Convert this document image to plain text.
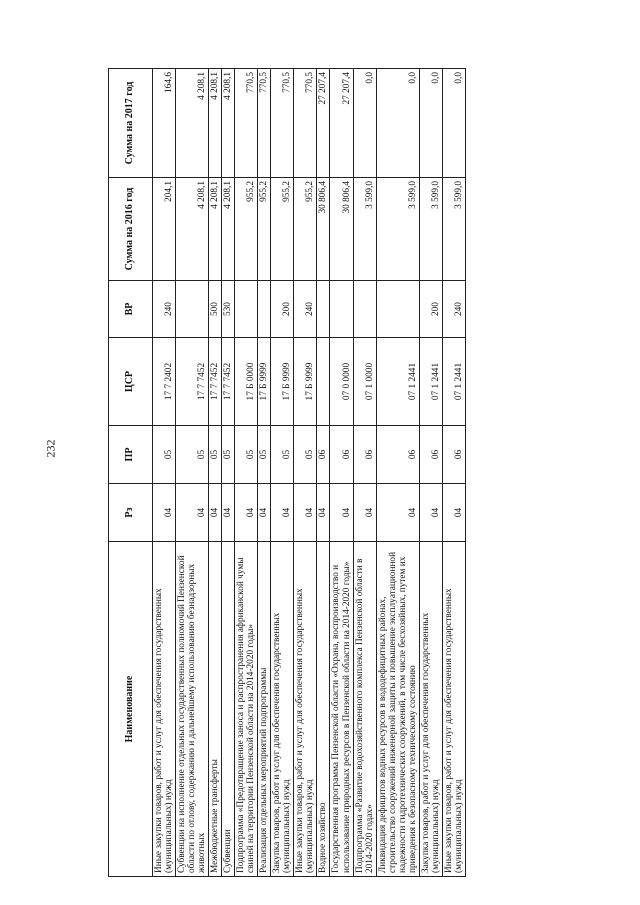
232
Наименование	Рз	ПР	ЦСР	ВР	Сумма на 2016 год	Сумма на 2017 год
Иные закупки товаров, работ и услуг для обеспечения государственных (муниципальных) нужд	04	05	17 7 2402	240	204,1	164,6
Субвенции на исполнение отдельных государственных полномочий Пензенской области по отлову, содержанию и дальнейшему использованию безнадзорных животных	04	05	17 7 7452		4 208,1	4 208,1
Межбюджетные трансферты	04	05	17 7 7452	500	4 208,1	4 208,1
Субвенции	04	05	17 7 7452	530	4 208,1	4 208,1
Подпрограмма «Предотвращение заноса и распространения африканской чумы свиней на территории Пензенской области на 2014-2020 годы»	04	05	17 Б 0000		955,2	770,5
Реализация отдельных мероприятий подпрограммы	04	05	17 Б 9999		955,2	770,5
Закупка товаров, работ и услуг для обеспечения государственных (муниципальных) нужд	04	05	17 Б 9999	200	955,2	770,5
Иные закупки товаров, работ и услуг для обеспечения государственных (муниципальных) нужд	04	05	17 Б 9999	240	955,2	770,5
Водное хозяйство	04	06			30 806,4	27 207,4
Государственная программа Пензенской области «Охрана, воспроизводство и использование природных ресурсов в Пензенской области на 2014-2020 годы»	04	06	07 0 0000		30 806,4	27 207,4
Подпрограмма «Развитие водохозяйственного комплекса Пензенской области в 2014-2020 годах»	04	06	07 1 0000		3 599,0	0,0
Ликвидация дефицитов водных ресурсов в вододефицитных районах, строительство сооружений инженерной защиты и повышение эксплуатационной надежности гидротехнических сооружений, в том числе бесхозяйных, путем их приведения к безопасному техническому состоянию	04	06	07 1 2441		3 599,0	0,0
Закупка товаров, работ и услуг для обеспечения государственных (муниципальных) нужд	04	06	07 1 2441	200	3 599,0	0,0
Иные закупки товаров, работ и услуг для обеспечения государственных (муниципальных) нужд	04	06	07 1 2441	240	3 599,0	0,0
